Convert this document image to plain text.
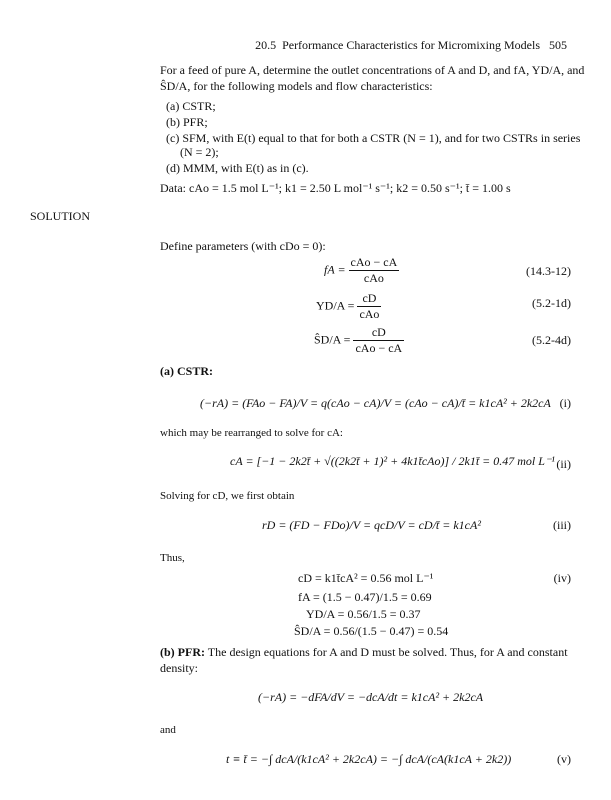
20.5 Performance Characteristics for Micromixing Models 505
For a feed of pure A, determine the outlet concentrations of A and D, and fA, YD/A, and
ŜD/A, for the following models and flow characteristics:
(a) CSTR;
(b) PFR;
(c) SFM, with E(t) equal to that for both a CSTR (N = 1), and for two CSTRs in series
(N = 2);
(d) MMM, with E(t) as in (c).
Data: cAo = 1.5 mol L⁻¹; k1 = 2.50 L mol⁻¹ s⁻¹; k2 = 0.50 s⁻¹; t̄ = 1.00 s
SOLUTION
Define parameters (with cDo = 0):
fA = $\frac{\text{cAo − cA}}{\text{cAo}}$	(14.3-12)
$YD/A = \frac{cD}{\text{cAo}}$	(5.2-1d)
ŜD/A = $\frac{cD}{\text{cAo − cA}}$	(5.2-4d)
(a) CSTR:
(−rA) = (FAo − FA)/V = q(cAo − cA)/V = (cAo − cA)/t̄ = k1cA² + 2k2cA (i)
which may be rearranged to solve for cA:
cA = [−1 − 2k2t̄ + √((2k2t̄ + 1)² + 4k1t̄cAo)] / 2k1t̄ = 0.47 mol L⁻¹ (ii)
Solving for cD, we first obtain
rD = (FD − FDo)/V = qcD/V = cD/t̄ = k1cA²	(iii)
Thus,
cD = k1t̄cA² = 0.56 mol L⁻¹	(iv)
fA = (1.5 − 0.47)/1.5 = 0.69
YD/A = 0.56/1.5 = 0.37
ŜD/A = 0.56/(1.5 − 0.47) = 0.54
(b) PFR: The design equations for A and D must be solved. Thus, for A and constant
density:
(−rA) = −dFA/dV = −dcA/dt = k1cA² + 2k2cA
and
t ≡ t̄ = −∫ dcA/(k1cA² + 2k2cA) = −∫ dcA/(cA(k1cA + 2k2))	(v)
